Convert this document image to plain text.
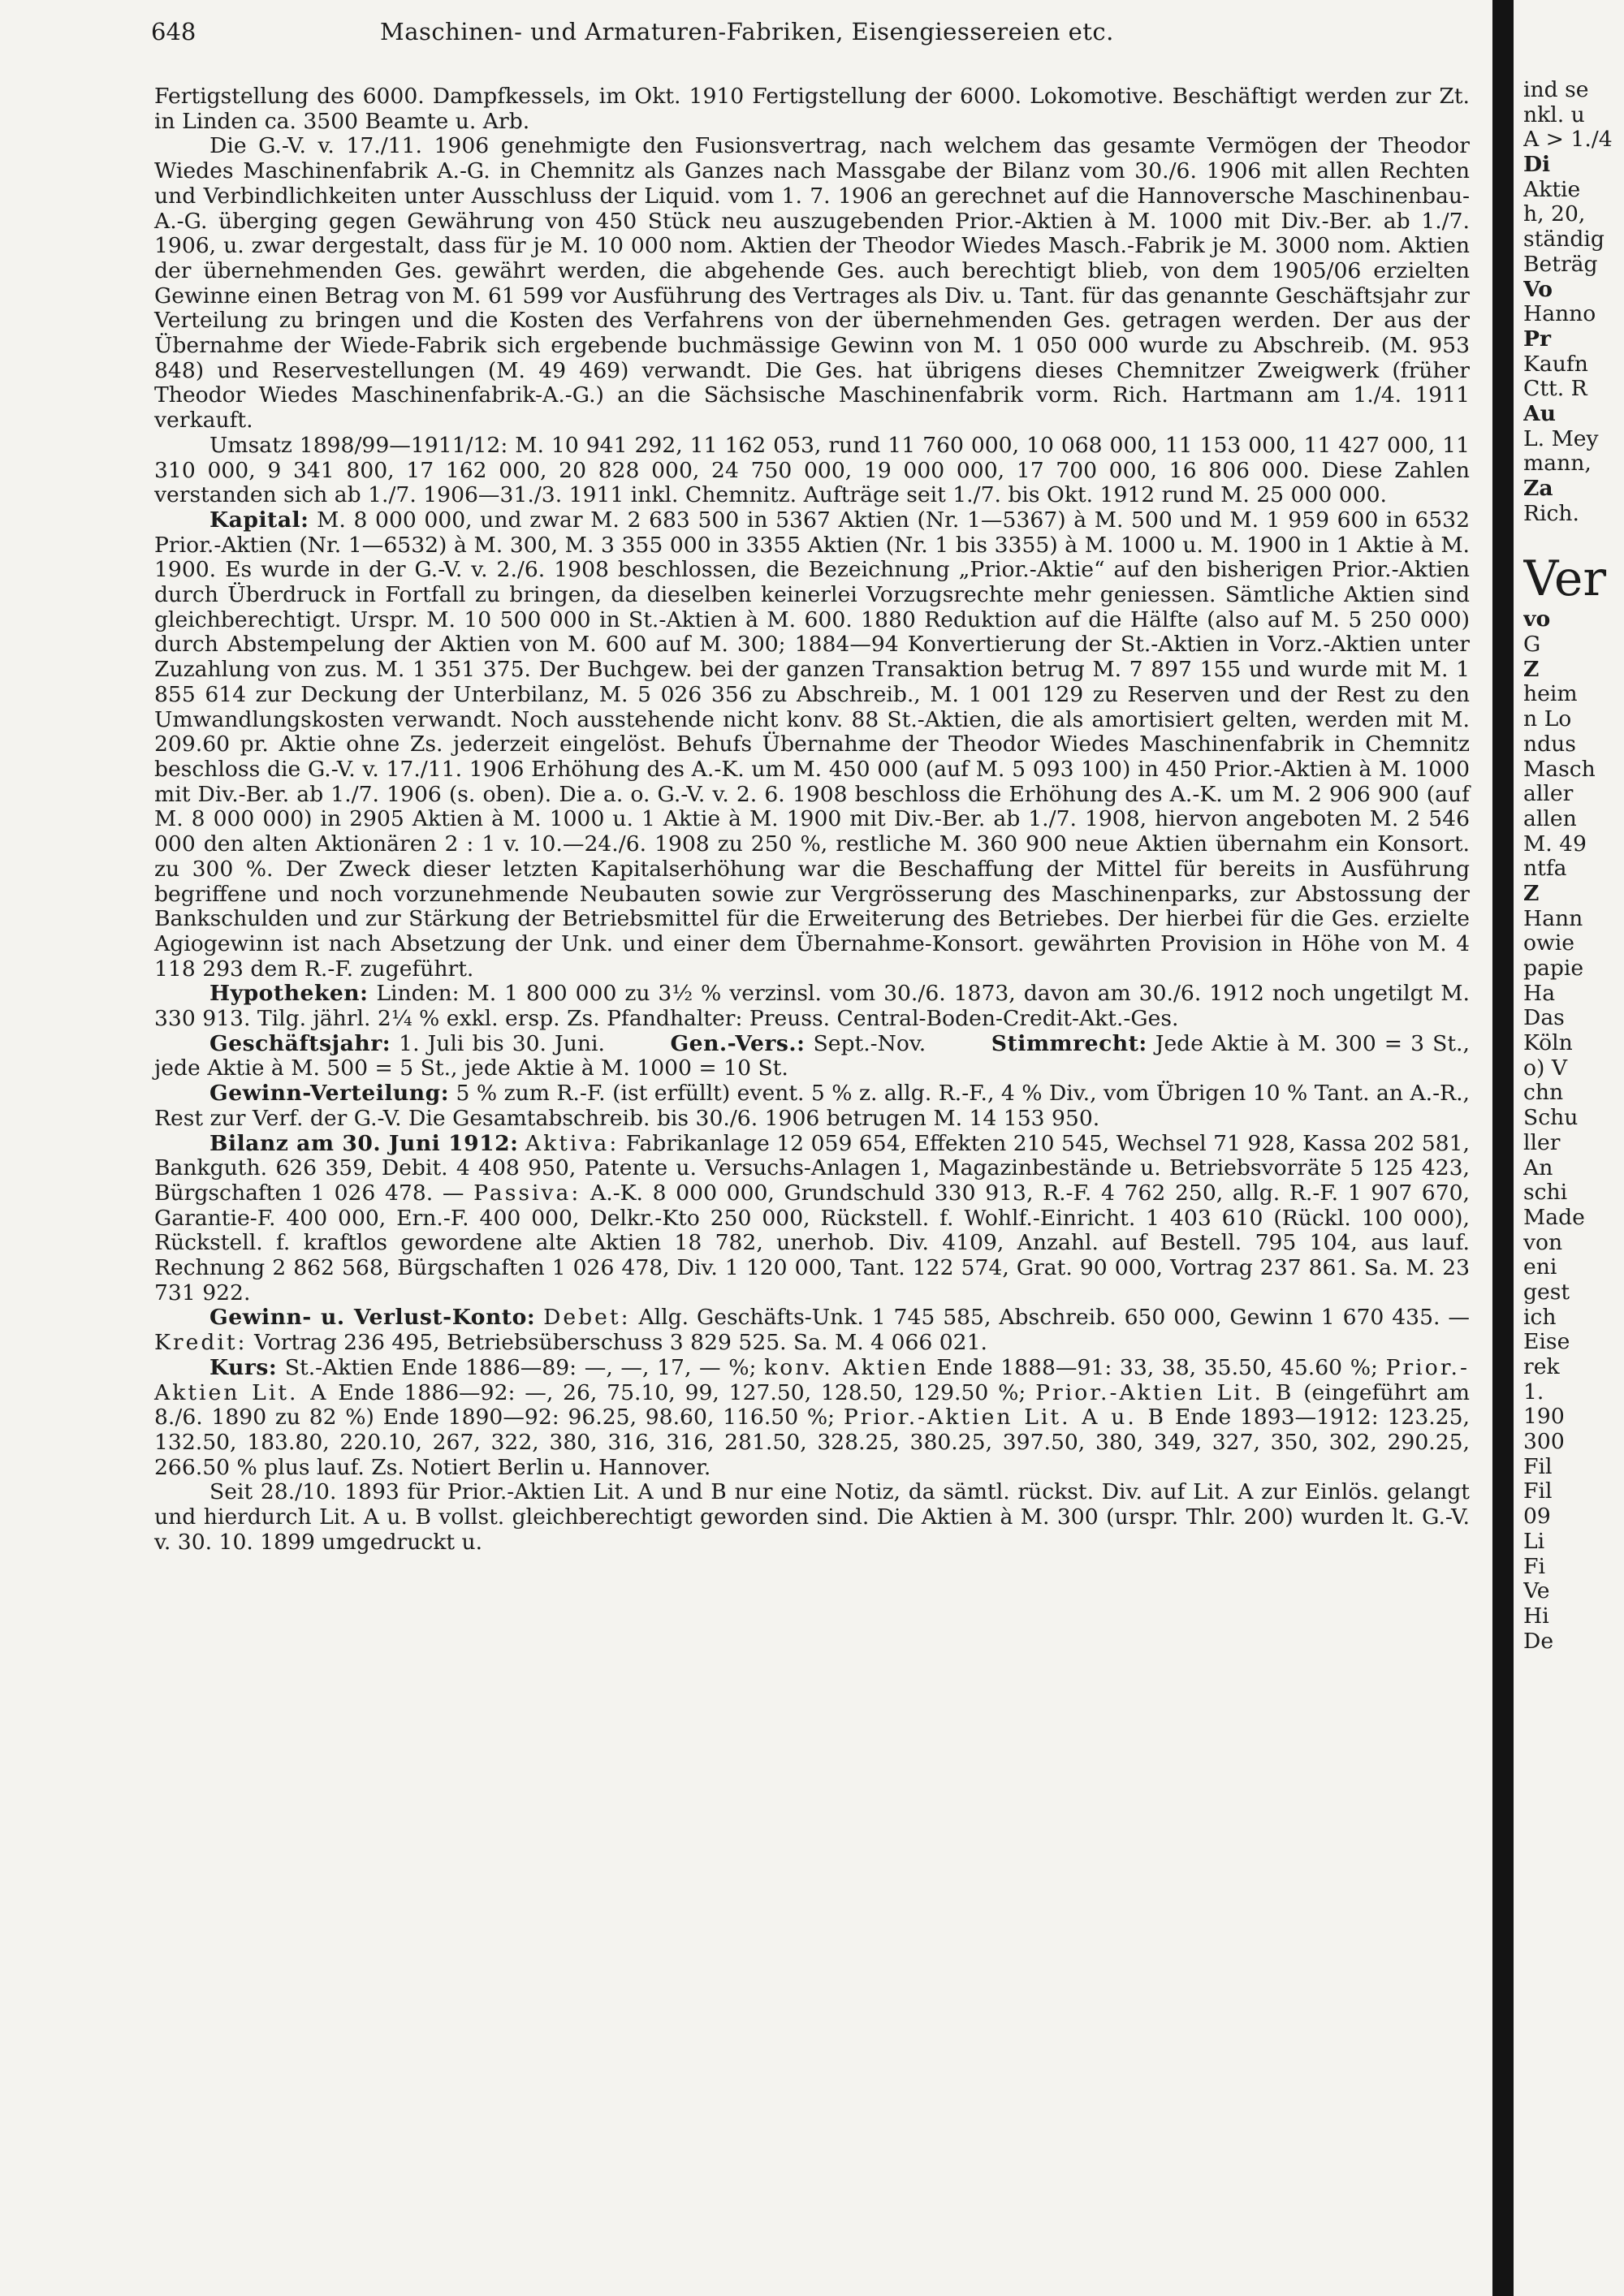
648	Maschinen- und Armaturen-Fabriken, Eisengiessereien etc.

Fertigstellung des 6000. Dampfkessels, im Okt. 1910 Fertigstellung der 6000. Lokomotive. Beschäftigt werden zur Zt. in Linden ca. 3500 Beamte u. Arb.

Die G.-V. v. 17./11. 1906 genehmigte den Fusionsvertrag, nach welchem das gesamte Vermögen der Theodor Wiedes Maschinenfabrik A.-G. in Chemnitz als Ganzes nach Massgabe der Bilanz vom 30./6. 1906 mit allen Rechten und Verbindlichkeiten unter Ausschluss der Liquid. vom 1. 7. 1906 an gerechnet auf die Hannoversche Maschinenbau-A.-G. überging gegen Gewährung von 450 Stück neu auszugebenden Prior.-Aktien à M. 1000 mit Div.-Ber. ab 1./7. 1906, u. zwar dergestalt, dass für je M. 10 000 nom. Aktien der Theodor Wiedes Masch.-Fabrik je M. 3000 nom. Aktien der übernehmenden Ges. gewährt werden, die abgehende Ges. auch berechtigt blieb, von dem 1905/06 erzielten Gewinne einen Betrag von M. 61 599 vor Ausführung des Vertrages als Div. u. Tant. für das genannte Geschäftsjahr zur Verteilung zu bringen und die Kosten des Verfahrens von der übernehmenden Ges. getragen werden. Der aus der Übernahme der Wiede-Fabrik sich ergebende buchmässige Gewinn von M. 1 050 000 wurde zu Abschreib. (M. 953 848) und Reservestellungen (M. 49 469) verwandt. Die Ges. hat übrigens dieses Chemnitzer Zweigwerk (früher Theodor Wiedes Maschinenfabrik-A.-G.) an die Sächsische Maschinenfabrik vorm. Rich. Hartmann am 1./4. 1911 verkauft.

Umsatz 1898/99—1911/12: M. 10 941 292, 11 162 053, rund 11 760 000, 10 068 000, 11 153 000, 11 427 000, 11 310 000, 9 341 800, 17 162 000, 20 828 000, 24 750 000, 19 000 000, 17 700 000, 16 806 000. Diese Zahlen verstanden sich ab 1./7. 1906—31./3. 1911 inkl. Chemnitz. Aufträge seit 1./7. bis Okt. 1912 rund M. 25 000 000.

Kapital: M. 8 000 000, und zwar M. 2 683 500 in 5367 Aktien (Nr. 1—5367) à M. 500 und M. 1 959 600 in 6532 Prior.-Aktien (Nr. 1—6532) à M. 300, M. 3 355 000 in 3355 Aktien (Nr. 1 bis 3355) à M. 1000 u. M. 1900 in 1 Aktie à M. 1900. Es wurde in der G.-V. v. 2./6. 1908 beschlossen, die Bezeichnung „Prior.-Aktie“ auf den bisherigen Prior.-Aktien durch Überdruck in Fortfall zu bringen, da dieselben keinerlei Vorzugsrechte mehr geniessen. Sämtliche Aktien sind gleichberechtigt. Urspr. M. 10 500 000 in St.-Aktien à M. 600. 1880 Reduktion auf die Hälfte (also auf M. 5 250 000) durch Abstempelung der Aktien von M. 600 auf M. 300; 1884—94 Konvertierung der St.-Aktien in Vorz.-Aktien unter Zuzahlung von zus. M. 1 351 375. Der Buchgew. bei der ganzen Transaktion betrug M. 7 897 155 und wurde mit M. 1 855 614 zur Deckung der Unterbilanz, M. 5 026 356 zu Abschreib., M. 1 001 129 zu Reserven und der Rest zu den Umwandlungskosten verwandt. Noch ausstehende nicht konv. 88 St.-Aktien, die als amortisiert gelten, werden mit M. 209.60 pr. Aktie ohne Zs. jederzeit eingelöst. Behufs Übernahme der Theodor Wiedes Maschinenfabrik in Chemnitz beschloss die G.-V. v. 17./11. 1906 Erhöhung des A.-K. um M. 450 000 (auf M. 5 093 100) in 450 Prior.-Aktien à M. 1000 mit Div.-Ber. ab 1./7. 1906 (s. oben). Die a. o. G.-V. v. 2. 6. 1908 beschloss die Erhöhung des A.-K. um M. 2 906 900 (auf M. 8 000 000) in 2905 Aktien à M. 1000 u. 1 Aktie à M. 1900 mit Div.-Ber. ab 1./7. 1908, hiervon angeboten M. 2 546 000 den alten Aktionären 2 : 1 v. 10.—24./6. 1908 zu 250 %, restliche M. 360 900 neue Aktien übernahm ein Konsort. zu 300 %. Der Zweck dieser letzten Kapitalserhöhung war die Beschaffung der Mittel für bereits in Ausführung begriffene und noch vorzunehmende Neubauten sowie zur Vergrösserung des Maschinenparks, zur Abstossung der Bankschulden und zur Stärkung der Betriebsmittel für die Erweiterung des Betriebes. Der hierbei für die Ges. erzielte Agiogewinn ist nach Absetzung der Unk. und einer dem Übernahme-Konsort. gewährten Provision in Höhe von M. 4 118 293 dem R.-F. zugeführt.

Hypotheken: Linden: M. 1 800 000 zu 3½ % verzinsl. vom 30./6. 1873, davon am 30./6. 1912 noch ungetilgt M. 330 913. Tilg. jährl. 2¼ % exkl. ersp. Zs. Pfandhalter: Preuss. Central-Boden-Credit-Akt.-Ges.

Geschäftsjahr: 1. Juli bis 30. Juni.	Gen.-Vers.: Sept.-Nov.	Stimmrecht: Jede Aktie à M. 300 = 3 St., jede Aktie à M. 500 = 5 St., jede Aktie à M. 1000 = 10 St.

Gewinn-Verteilung: 5 % zum R.-F. (ist erfüllt) event. 5 % z. allg. R.-F., 4 % Div., vom Übrigen 10 % Tant. an A.-R., Rest zur Verf. der G.-V. Die Gesamtabschreib. bis 30./6. 1906 betrugen M. 14 153 950.

Bilanz am 30. Juni 1912: Aktiva: Fabrikanlage 12 059 654, Effekten 210 545, Wechsel 71 928, Kassa 202 581, Bankguth. 626 359, Debit. 4 408 950, Patente u. Versuchs-Anlagen 1, Magazinbestände u. Betriebsvorräte 5 125 423, Bürgschaften 1 026 478. — Passiva: A.-K. 8 000 000, Grundschuld 330 913, R.-F. 4 762 250, allg. R.-F. 1 907 670, Garantie-F. 400 000, Ern.-F. 400 000, Delkr.-Kto 250 000, Rückstell. f. Wohlf.-Einricht. 1 403 610 (Rückl. 100 000), Rückstell. f. kraftlos gewordene alte Aktien 18 782, unerhob. Div. 4109, Anzahl. auf Bestell. 795 104, aus lauf. Rechnung 2 862 568, Bürgschaften 1 026 478, Div. 1 120 000, Tant. 122 574, Grat. 90 000, Vortrag 237 861. Sa. M. 23 731 922.

Gewinn- u. Verlust-Konto: Debet: Allg. Geschäfts-Unk. 1 745 585, Abschreib. 650 000, Gewinn 1 670 435. — Kredit: Vortrag 236 495, Betriebsüberschuss 3 829 525. Sa. M. 4 066 021.

Kurs: St.-Aktien Ende 1886—89: —, —, 17, — %; konv. Aktien Ende 1888—91: 33, 38, 35.50, 45.60 %; Prior.-Aktien Lit. A Ende 1886—92: —, 26, 75.10, 99, 127.50, 128.50, 129.50 %; Prior.-Aktien Lit. B (eingeführt am 8./6. 1890 zu 82 %) Ende 1890—92: 96.25, 98.60, 116.50 %; Prior.-Aktien Lit. A u. B Ende 1893—1912: 123.25, 132.50, 183.80, 220.10, 267, 322, 380, 316, 316, 281.50, 328.25, 380.25, 397.50, 380, 349, 327, 350, 302, 290.25, 266.50 % plus lauf. Zs. Notiert Berlin u. Hannover.

Seit 28./10. 1893 für Prior.-Aktien Lit. A und B nur eine Notiz, da sämtl. rückst. Div. auf Lit. A zur Einlös. gelangt und hierdurch Lit. A u. B vollst. gleichberechtigt geworden sind. Die Aktien à M. 300 (urspr. Thlr. 200) wurden lt. G.-V. v. 30. 10. 1899 umgedruckt u.

ind se
nkl. u
A > 1./4
Di
Aktie
h, 20,
ständig
Beträg
Vo
Hanno
Pr
Kaufn
Ctt. R
Au
L. Mey
mann,
Za
Rich.
Ver
vo
G
Z
heim
n Lo
ndus
Masch
aller
allen
M. 49
ntfa
Z
Hann
owie
papie
Ha
Das
Köln
o) V
chn
Schu
ller
An
schi
Made
von
eni
gest
ich
Eise
rek
1.
190
300
Fil
Fil
09
Li
Fi
Ve
Hi
De
